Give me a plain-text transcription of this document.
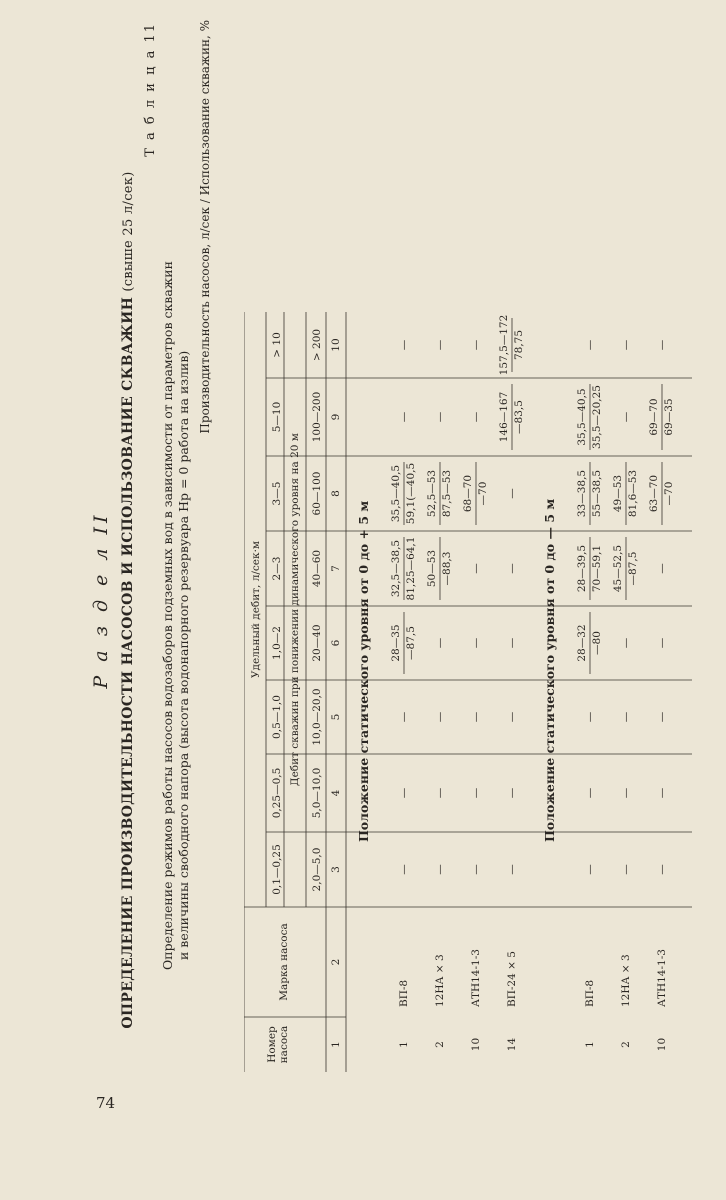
74
Р а з д е л II ОПРЕДЕЛЕНИЕ ПРОИЗВОДИТЕЛЬНОСТИ НАСОСОВ И ИСПОЛЬЗОВАНИЕ СКВАЖИН (свыше 25 л/сек)
Т а б л и ц а 11
Определение режимов работы насосов водозаборов подземных вод в зависимости от параметров скважин и величины свободного напора (высота водонапорного резервуара Hр = 0 работа на излив)
Производительность насосов, л/сек / Использование скважин, %
Номер насоса
Марка насоса
Удельный дебит, л/сек·м
0,1—0,25
0,25—0,5
0,5—1,0
1,0—2
2—3
3—5
5—10
> 10
Дебит скважин при понижении динамического уровня на 20 м
2,0—5,0
5,0—10,0
10,0—20,0
20—40
40—60
60—100
100—200
> 200
1
2
3
4
5
6
7
8
9
10
Положение статического уровня от 0 до + 5 м
1
ВП-8
—
—
—
28—35 —87,5
32,5—38,5 81,25—64,1
35,5—40,5 59,1(—40,5
—
—
2
12НА × 3
—
—
—
—
50—53 —88,3
52,5—53 87,5—53
—
—
10
АТН14-1-3
—
—
—
—
—
68—70 —70
—
—
14
ВП-24 × 5
—
—
—
—
—
—
146—167 —83,5
157,5—172 78,75
Положение статического уровня от 0 до — 5 м
1
ВП-8
—
—
—
28—32 —80
28—39,5 70—59,1
33—38,5 55—38,5
35,5—40,5 35,5—20,25
—
2
12НА × 3
—
—
—
—
45—52,5 —87,5
49—53 81,6—53
—
—
10
АТН14-1-3
—
—
—
—
—
63—70 —70
69—70 69—35
—
